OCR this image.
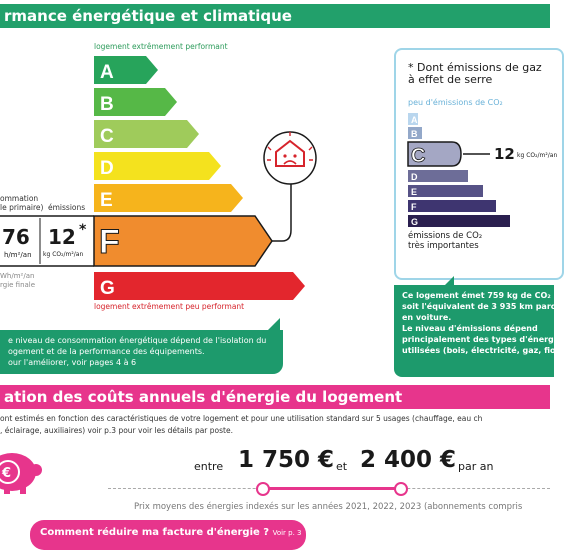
rmance énergétique et climatique
logement extrêmement performant
logement extrêmement peu performant
A
B
C
D
E
F
G
A
B
C
D
E
F
G
ommation
le primaire) émissions
76
h/m²/an
12 *
kg CO₂/m²/an
Wh/m²/an
rgie finale
e niveau de consommation énergétique dépend de l'isolation du
ogement et de la performance des équipements.
our l'améliorer, voir pages 4 à 6
* Dont émissions de gaz
à effet de serre
peu d'émissions de CO₂
12 kg CO₂/m²/an
émissions de CO₂
très importantes
Ce logement émet 759 kg de CO₂
soit l'équivalent de 3 935 km parc
en voiture.
Le niveau d'émissions dépend
principalement des types d'énergie
utilisées (bois, électricité, gaz, fioul
ation des coûts annuels d'énergie du logement
ont estimés en fonction des caractéristiques de votre logement et pour une utilisation standard sur 5 usages (chauffage, eau ch
, éclairage, auxiliaires) voir p.3 pour voir les détails par poste.
€	entre 1 750 € et 2 400 € par an
Prix moyens des énergies indexés sur les années 2021, 2022, 2023 (abonnements compris
Comment réduire ma facture d'énergie ? Voir p. 3
